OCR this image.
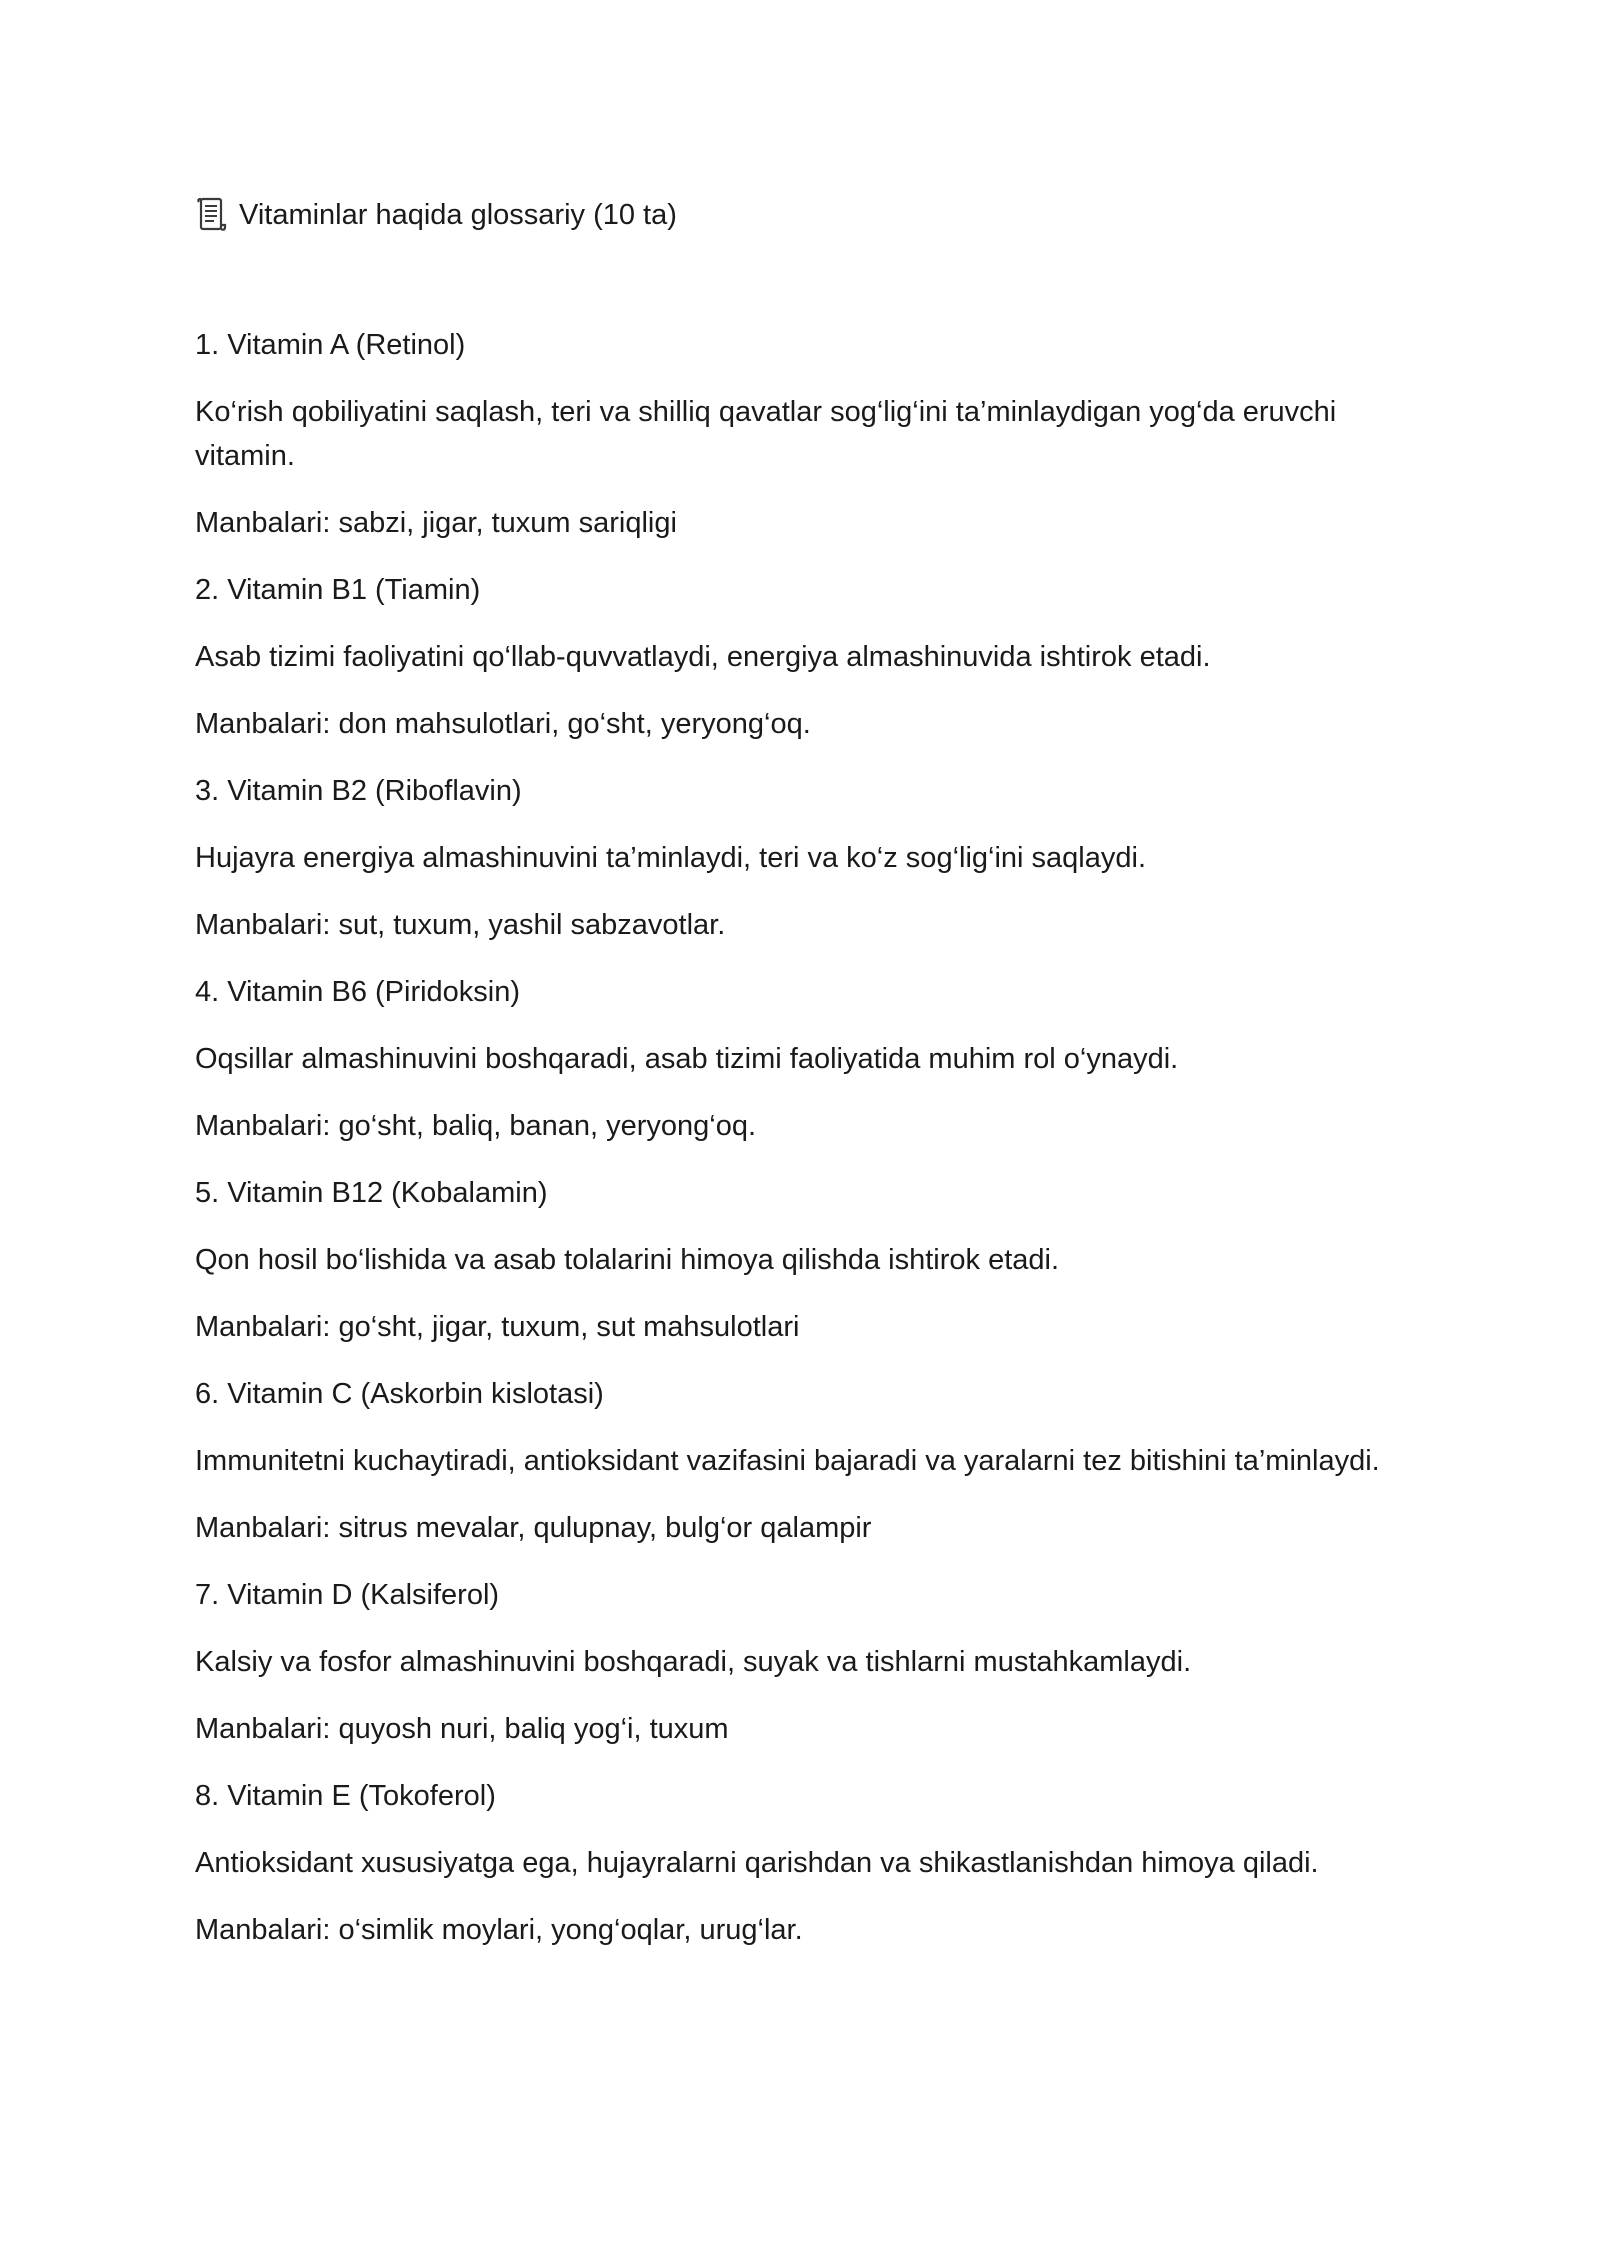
Vitaminlar haqida glossariy (10 ta)
1. Vitamin A (Retinol)
Ko‘rish qobiliyatini saqlash, teri va shilliq qavatlar sog‘lig‘ini ta’minlaydigan yog‘da eruvchi vitamin.
Manbalari: sabzi, jigar, tuxum sariqligi
2. Vitamin B1 (Tiamin)
Asab tizimi faoliyatini qo‘llab-quvvatlaydi, energiya almashinuvida ishtirok etadi.
Manbalari: don mahsulotlari, go‘sht, yeryong‘oq.
3. Vitamin B2 (Riboflavin)
Hujayra energiya almashinuvini ta’minlaydi, teri va ko‘z sog‘lig‘ini saqlaydi.
Manbalari: sut, tuxum, yashil sabzavotlar.
4. Vitamin B6 (Piridoksin)
Oqsillar almashinuvini boshqaradi, asab tizimi faoliyatida muhim rol o‘ynaydi.
Manbalari: go‘sht, baliq, banan, yeryong‘oq.
5. Vitamin B12 (Kobalamin)
Qon hosil bo‘lishida va asab tolalarini himoya qilishda ishtirok etadi.
Manbalari: go‘sht, jigar, tuxum, sut mahsulotlari
6. Vitamin C (Askorbin kislotasi)
Immunitetni kuchaytiradi, antioksidant vazifasini bajaradi va yaralarni tez bitishini ta’minlaydi.
Manbalari: sitrus mevalar, qulupnay, bulg‘or qalampir
7. Vitamin D (Kalsiferol)
Kalsiy va fosfor almashinuvini boshqaradi, suyak va tishlarni mustahkamlaydi.
Manbalari: quyosh nuri, baliq yog‘i, tuxum
8. Vitamin E (Tokoferol)
Antioksidant xususiyatga ega, hujayralarni qarishdan va shikastlanishdan himoya qiladi.
Manbalari: o‘simlik moylari, yong‘oqlar, urug‘lar.
